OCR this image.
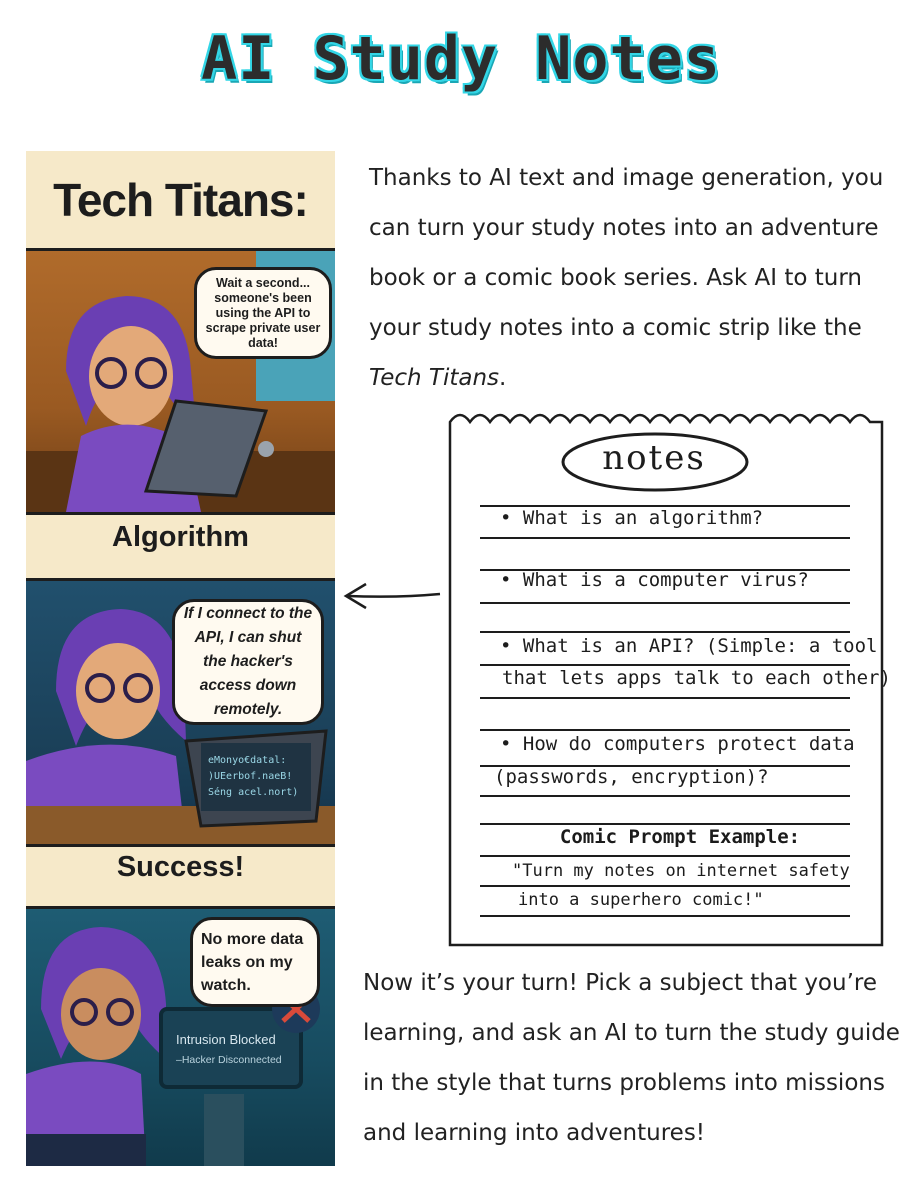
AI Study Notes
Tech Titans:
Wait a second... someone's been using the API to scrape private user data!

Algorithm

eMonyo€datal:
)UEerbof.naeB!
Séng acel.nort)
If I connect to the API, I can shut the hacker's access down remotely.

Success!

Intrusion Blocked
–Hacker Disconnected
No more data leaks on my watch.

Thanks to AI text and image generation, you can turn your study notes into an adventure book or a comic book series. Ask AI to turn your study notes into a comic strip like the Tech Titans.

notes

• What is an algorithm?

• What is a computer virus?

• What is an API? (Simple: a tool

that lets apps talk to each other)

• How do computers protect data

(passwords, encryption)?

Comic Prompt Example:

"Turn my notes on internet safety

into a superhero comic!"

Now it’s your turn! Pick a subject that you’re learning, and ask an AI to turn the study guide in the style that turns problems into missions and learning into adventures!
